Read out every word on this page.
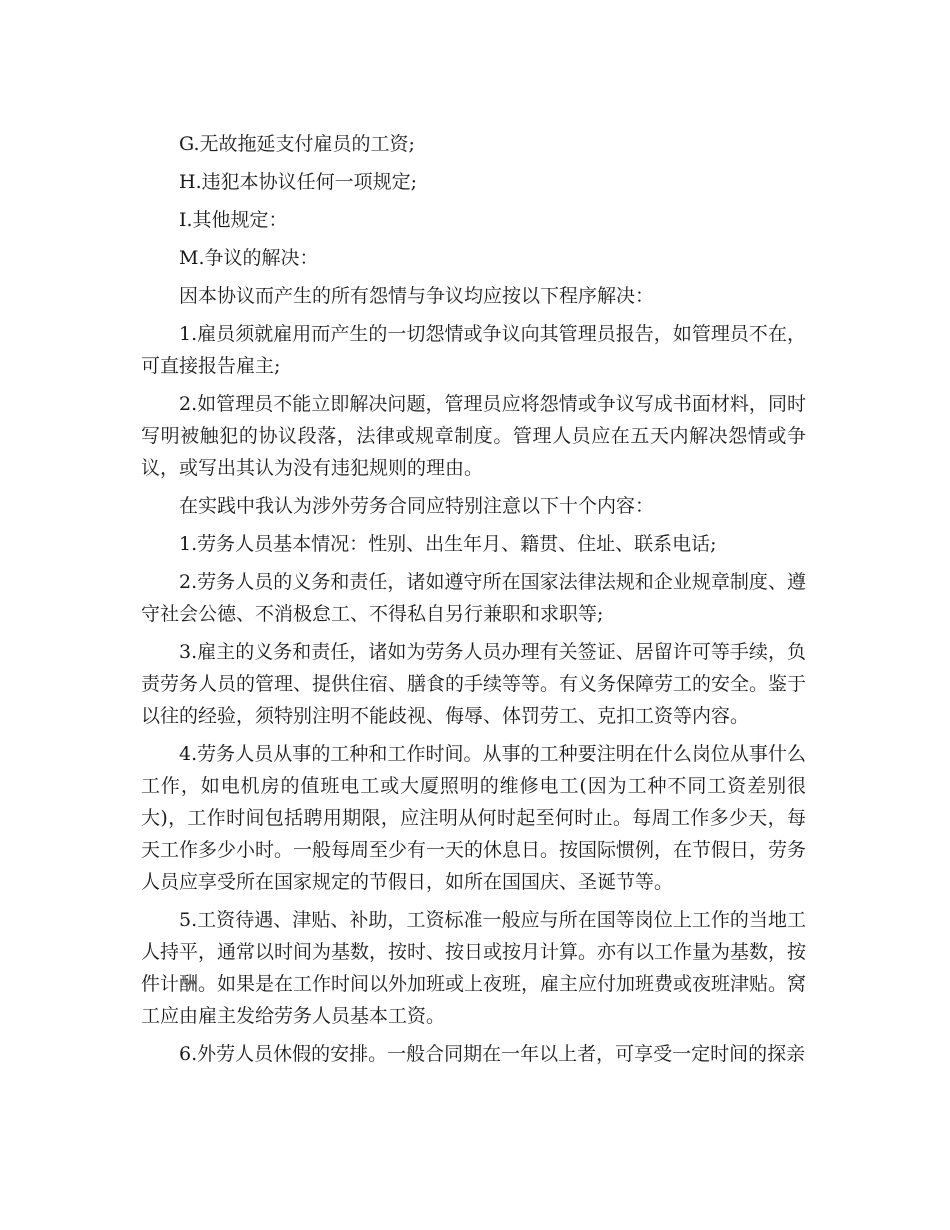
G.无故拖延支付雇员的工资;

H.违犯本协议任何一项规定;

I.其他规定：

M.争议的解决：

因本协议而产生的所有怨情与争议均应按以下程序解决：

1.雇员须就雇用而产生的一切怨情或争议向其管理员报告，如管理员不在，可直接报告雇主;

2.如管理员不能立即解决问题，管理员应将怨情或争议写成书面材料，同时写明被触犯的协议段落，法律或规章制度。管理人员应在五天内解决怨情或争议，或写出其认为没有违犯规则的理由。

在实践中我认为涉外劳务合同应特别注意以下十个内容：

1.劳务人员基本情况：性别、出生年月、籍贯、住址、联系电话;

2.劳务人员的义务和责任，诸如遵守所在国家法律法规和企业规章制度、遵守社会公德、不消极怠工、不得私自另行兼职和求职等;

3.雇主的义务和责任，诸如为劳务人员办理有关签证、居留许可等手续，负责劳务人员的管理、提供住宿、膳食的手续等等。有义务保障劳工的安全。鉴于以往的经验，须特别注明不能歧视、侮辱、体罚劳工、克扣工资等内容。

4.劳务人员从事的工种和工作时间。从事的工种要注明在什么岗位从事什么工作，如电机房的值班电工或大厦照明的维修电工(因为工种不同工资差别很大)，工作时间包括聘用期限，应注明从何时起至何时止。每周工作多少天，每天工作多少小时。一般每周至少有一天的休息日。按国际惯例，在节假日，劳务人员应享受所在国家规定的节假日，如所在国国庆、圣诞节等。

5.工资待遇、津贴、补助，工资标准一般应与所在国等岗位上工作的当地工人持平，通常以时间为基数，按时、按日或按月计算。亦有以工作量为基数，按件计酬。如果是在工作时间以外加班或上夜班，雇主应付加班费或夜班津贴。窝工应由雇主发给劳务人员基本工资。

6.外劳人员休假的安排。一般合同期在一年以上者，可享受一定时间的探亲
